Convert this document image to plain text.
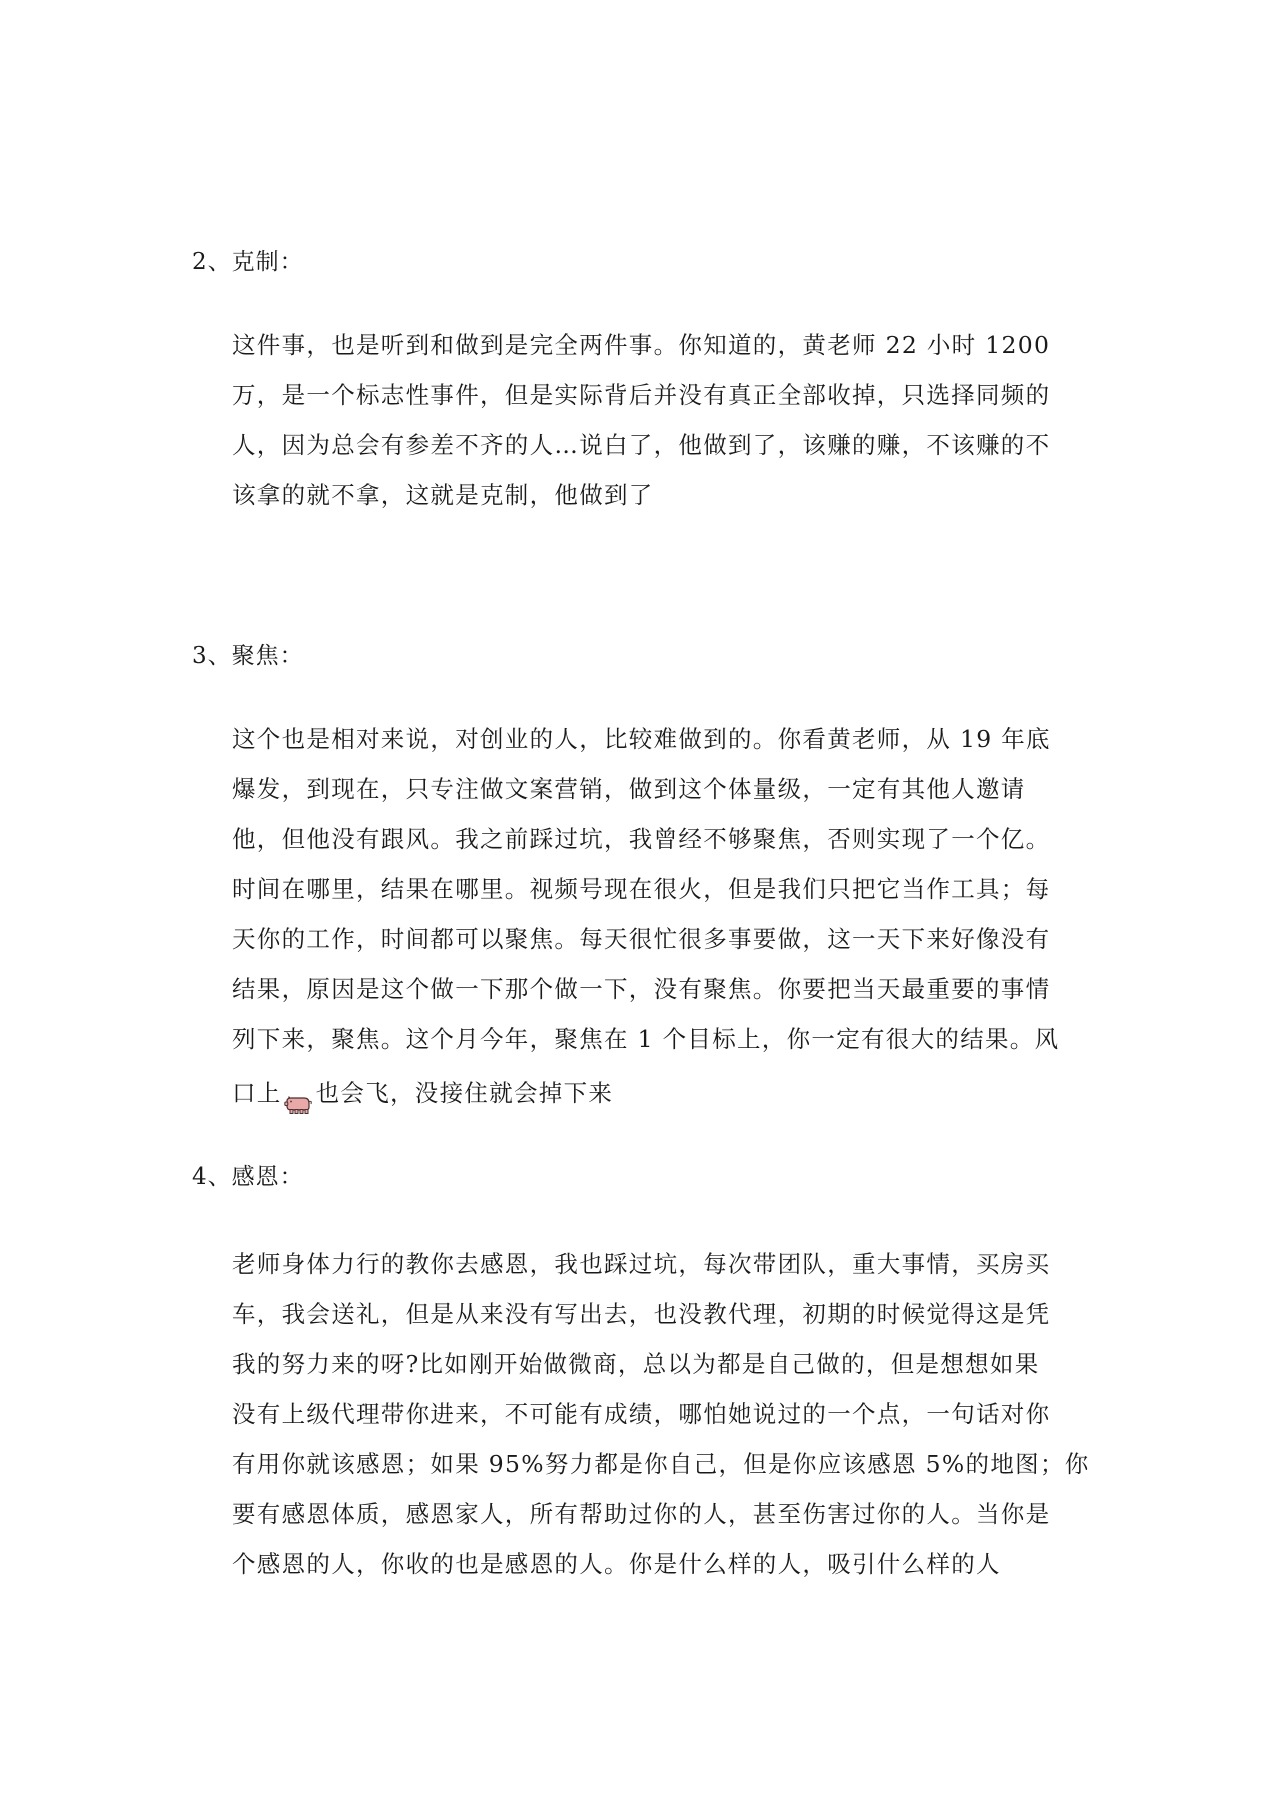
2、克制：
这件事，也是听到和做到是完全两件事。你知道的，黄老师 22 小时 1200
万，是一个标志性事件，但是实际背后并没有真正全部收掉，只选择同频的
人，因为总会有参差不齐的人…说白了，他做到了，该赚的赚，不该赚的不
该拿的就不拿，这就是克制，他做到了
3、聚焦：
这个也是相对来说，对创业的人，比较难做到的。你看黄老师，从 19 年底
爆发，到现在，只专注做文案营销，做到这个体量级，一定有其他人邀请
他，但他没有跟风。我之前踩过坑，我曾经不够聚焦，否则实现了一个亿。
时间在哪里，结果在哪里。视频号现在很火，但是我们只把它当作工具；每
天你的工作，时间都可以聚焦。每天很忙很多事要做，这一天下来好像没有
结果，原因是这个做一下那个做一下，没有聚焦。你要把当天最重要的事情
列下来，聚焦。这个月今年，聚焦在 1 个目标上，你一定有很大的结果。风
口上 也会飞，没接住就会掉下来
4、感恩：
老师身体力行的教你去感恩，我也踩过坑，每次带团队，重大事情，买房买
车，我会送礼，但是从来没有写出去，也没教代理，初期的时候觉得这是凭
我的努力来的呀?比如刚开始做微商，总以为都是自己做的，但是想想如果
没有上级代理带你进来，不可能有成绩，哪怕她说过的一个点，一句话对你
有用你就该感恩；如果 95%努力都是你自己，但是你应该感恩 5%的地图；你
要有感恩体质，感恩家人，所有帮助过你的人，甚至伤害过你的人。当你是
个感恩的人，你收的也是感恩的人。你是什么样的人，吸引什么样的人
